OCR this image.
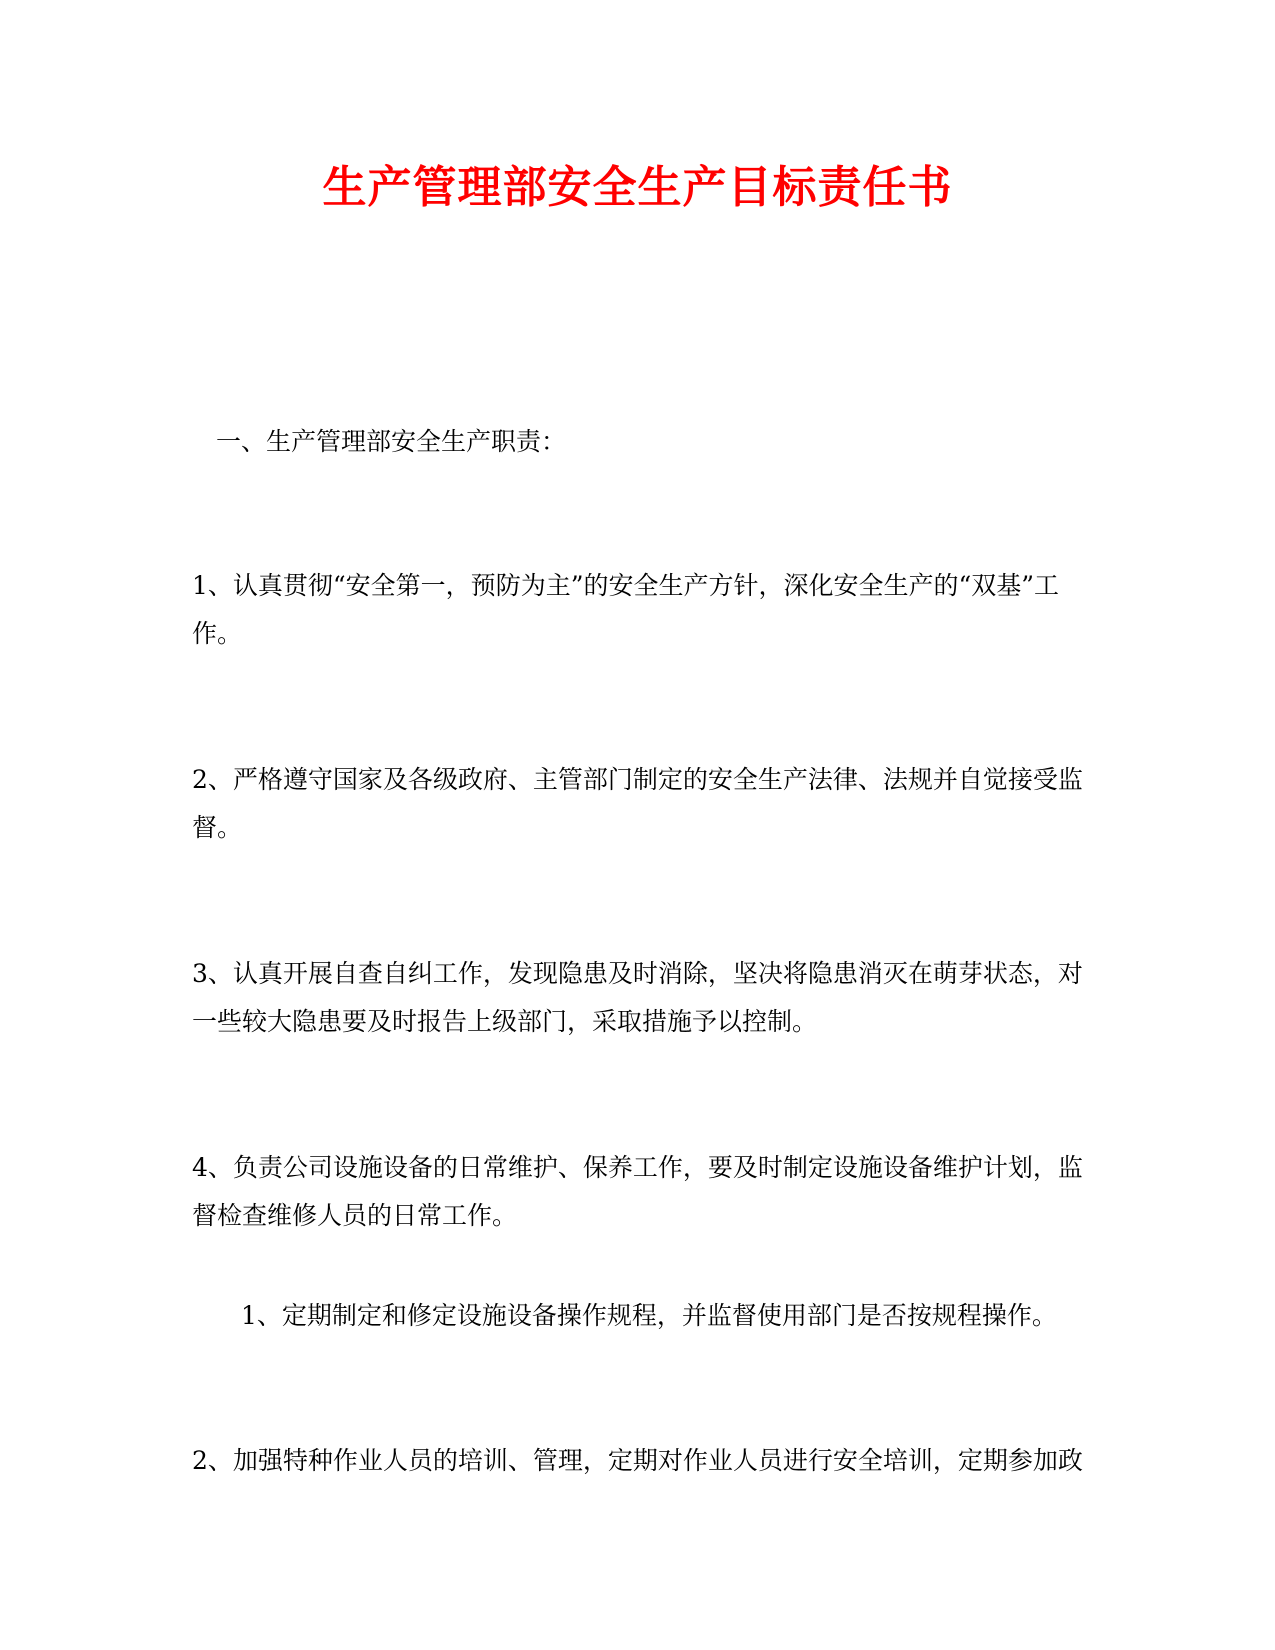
生产管理部安全生产目标责任书

一、生产管理部安全生产职责：

1、认真贯彻“安全第一，预防为主”的安全生产方针，深化安全生产的“双基”工作。

2、严格遵守国家及各级政府、主管部门制定的安全生产法律、法规并自觉接受监督。

3、认真开展自查自纠工作，发现隐患及时消除，坚决将隐患消灭在萌芽状态，对一些较大隐患要及时报告上级部门，采取措施予以控制。

4、负责公司设施设备的日常维护、保养工作，要及时制定设施设备维护计划，监督检查维修人员的日常工作。

1、定期制定和修定设施设备操作规程，并监督使用部门是否按规程操作。

2、加强特种作业人员的培训、管理，定期对作业人员进行安全培训，定期参加政
